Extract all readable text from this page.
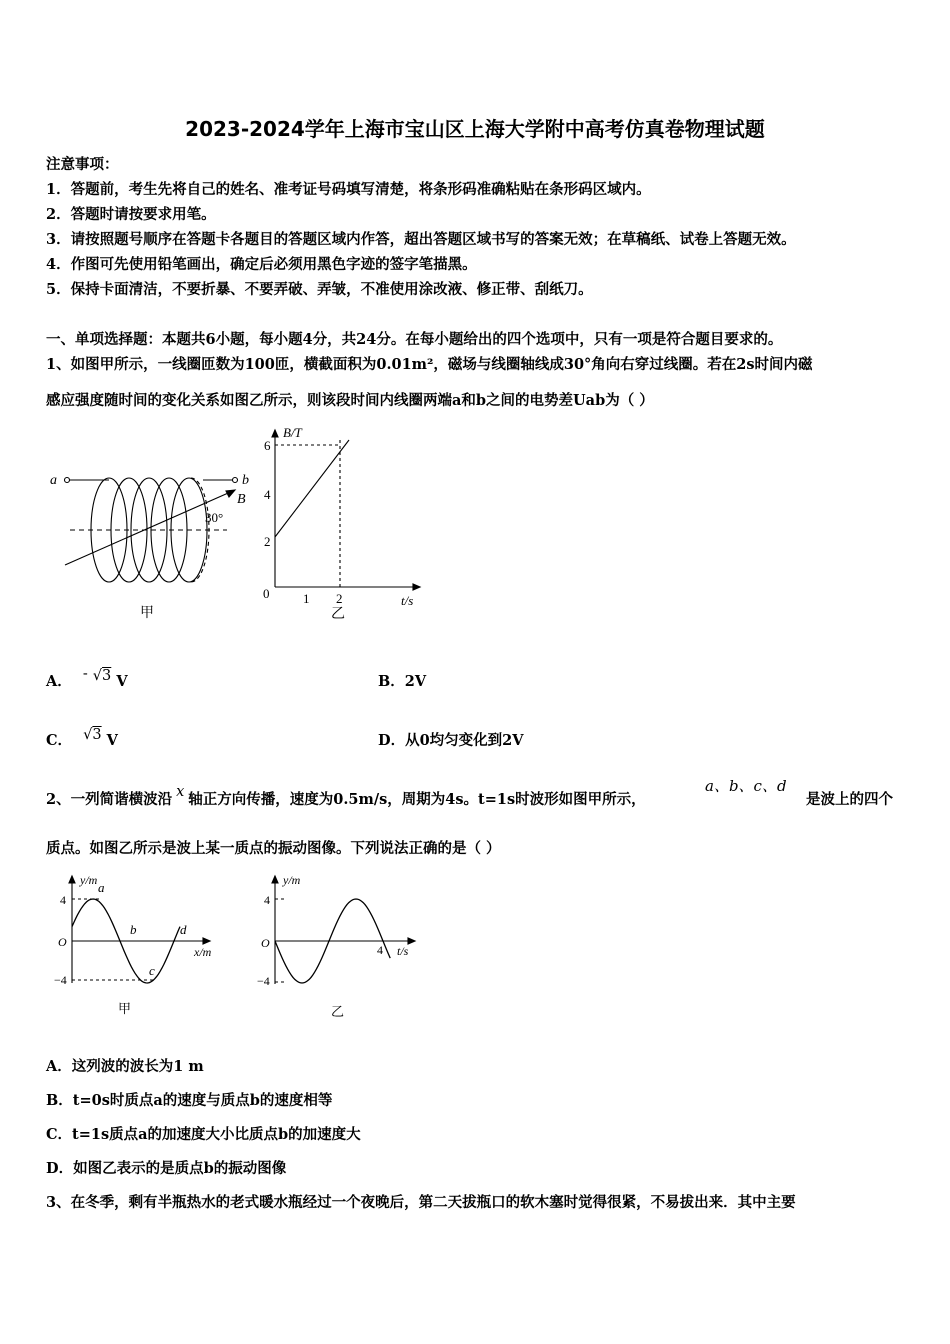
2023-2024学年上海市宝山区上海大学附中高考仿真卷物理试题
注意事项：
1．答题前，考生先将自己的姓名、准考证号码填写清楚，将条形码准确粘贴在条形码区域内。
2．答题时请按要求用笔。
3．请按照题号顺序在答题卡各题目的答题区域内作答，超出答题区域书写的答案无效；在草稿纸、试卷上答题无效。
4．作图可先使用铅笔画出，确定后必须用黑色字迹的签字笔描黑。
5．保持卡面清洁，不要折暴、不要弄破、弄皱，不准使用涂改液、修正带、刮纸刀。
一、单项选择题：本题共6小题，每小题4分，共24分。在每小题给出的四个选项中，只有一项是符合题目要求的。
1、如图甲所示，一线圈匝数为100匝，横截面积为0.01m²，磁场与线圈轴线成30°角向右穿过线圈。若在2s时间内磁
感应强度随时间的变化关系如图乙所示，则该段时间内线圈两端a和b之间的电势差Uab为（ ）
a	b
B
30°
甲
B/T
t/s
0
2
4
6
1 2
乙
A． - √3 V	B．2V
C． √3 V	D．从0均匀变化到2V
2、一列简谐横波沿 x 轴正方向传播，速度为0.5m/s，周期为4s。t=1s时波形如图甲所示，
a、b、c、d
是波上的四个
质点。如图乙所示是波上某一质点的振动图像。下列说法正确的是（ ）
y/m
x/m
O
4
−4
a
b
c
d
甲
y/m
t/s
O
4
−4
4
乙
A．这列波的波长为1 m
B．t=0s时质点a的速度与质点b的速度相等
C．t=1s质点a的加速度大小比质点b的加速度大
D．如图乙表示的是质点b的振动图像
3、在冬季，剩有半瓶热水的老式暖水瓶经过一个夜晚后，第二天拔瓶口的软木塞时觉得很紧，不易拔出来．其中主要
